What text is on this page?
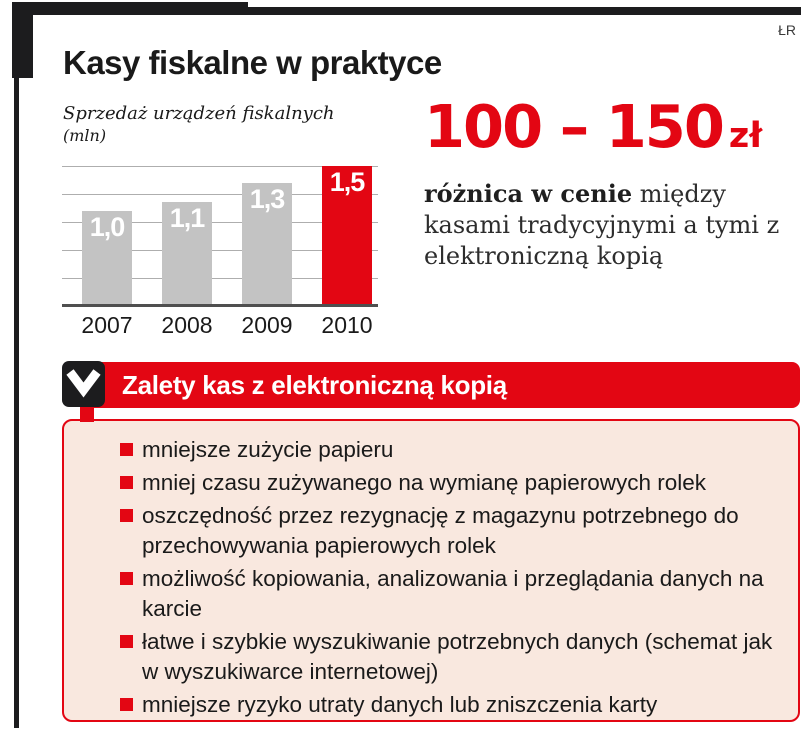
Kasy fiskalne w praktyce
ŁR
Sprzedaż urządzeń fiskalnych
(mln)
1,0 1,1
1,3
1,5
2007	2008	2009	2010
100 – 150 zł
różnica w cenie między kasami tradycyjnymi a tymi z elektroniczną kopią
Zalety kas z elektroniczną kopią
mniejsze zużycie papieru
mniej czasu zużywanego na wymianę papierowych rolek
oszczędność przez rezygnację z magazynu potrzebnego do przechowywania papierowych rolek
możliwość kopiowania, analizowania i przeglądania danych na karcie
łatwe i szybkie wyszukiwanie potrzebnych danych (schemat jak w wyszukiwarce internetowej)
mniejsze ryzyko utraty danych lub zniszczenia karty
